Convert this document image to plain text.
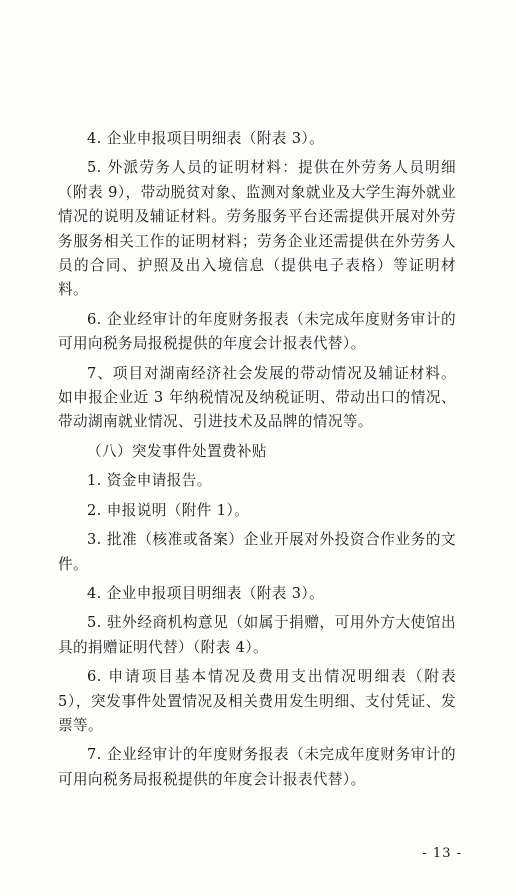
4. 企业申报项目明细表（附表 3）。

5. 外派劳务人员的证明材料：提供在外劳务人员明细（附表 9），带动脱贫对象、监测对象就业及大学生海外就业情况的说明及辅证材料。劳务服务平台还需提供开展对外劳务服务相关工作的证明材料；劳务企业还需提供在外劳务人员的合同、护照及出入境信息（提供电子表格）等证明材料。

6. 企业经审计的年度财务报表（未完成年度财务审计的可用向税务局报税提供的年度会计报表代替）。

7、项目对湖南经济社会发展的带动情况及辅证材料。如申报企业近 3 年纳税情况及纳税证明、带动出口的情况、带动湖南就业情况、引进技术及品牌的情况等。

（八）突发事件处置费补贴

1. 资金申请报告。

2. 申报说明（附件 1）。

3. 批准（核准或备案）企业开展对外投资合作业务的文件。

4. 企业申报项目明细表（附表 3）。

5. 驻外经商机构意见（如属于捐赠，可用外方大使馆出具的捐赠证明代替）（附表 4）。

6. 申请项目基本情况及费用支出情况明细表（附表 5），突发事件处置情况及相关费用发生明细、支付凭证、发票等。

7. 企业经审计的年度财务报表（未完成年度财务审计的可用向税务局报税提供的年度会计报表代替）。

- 13 -
